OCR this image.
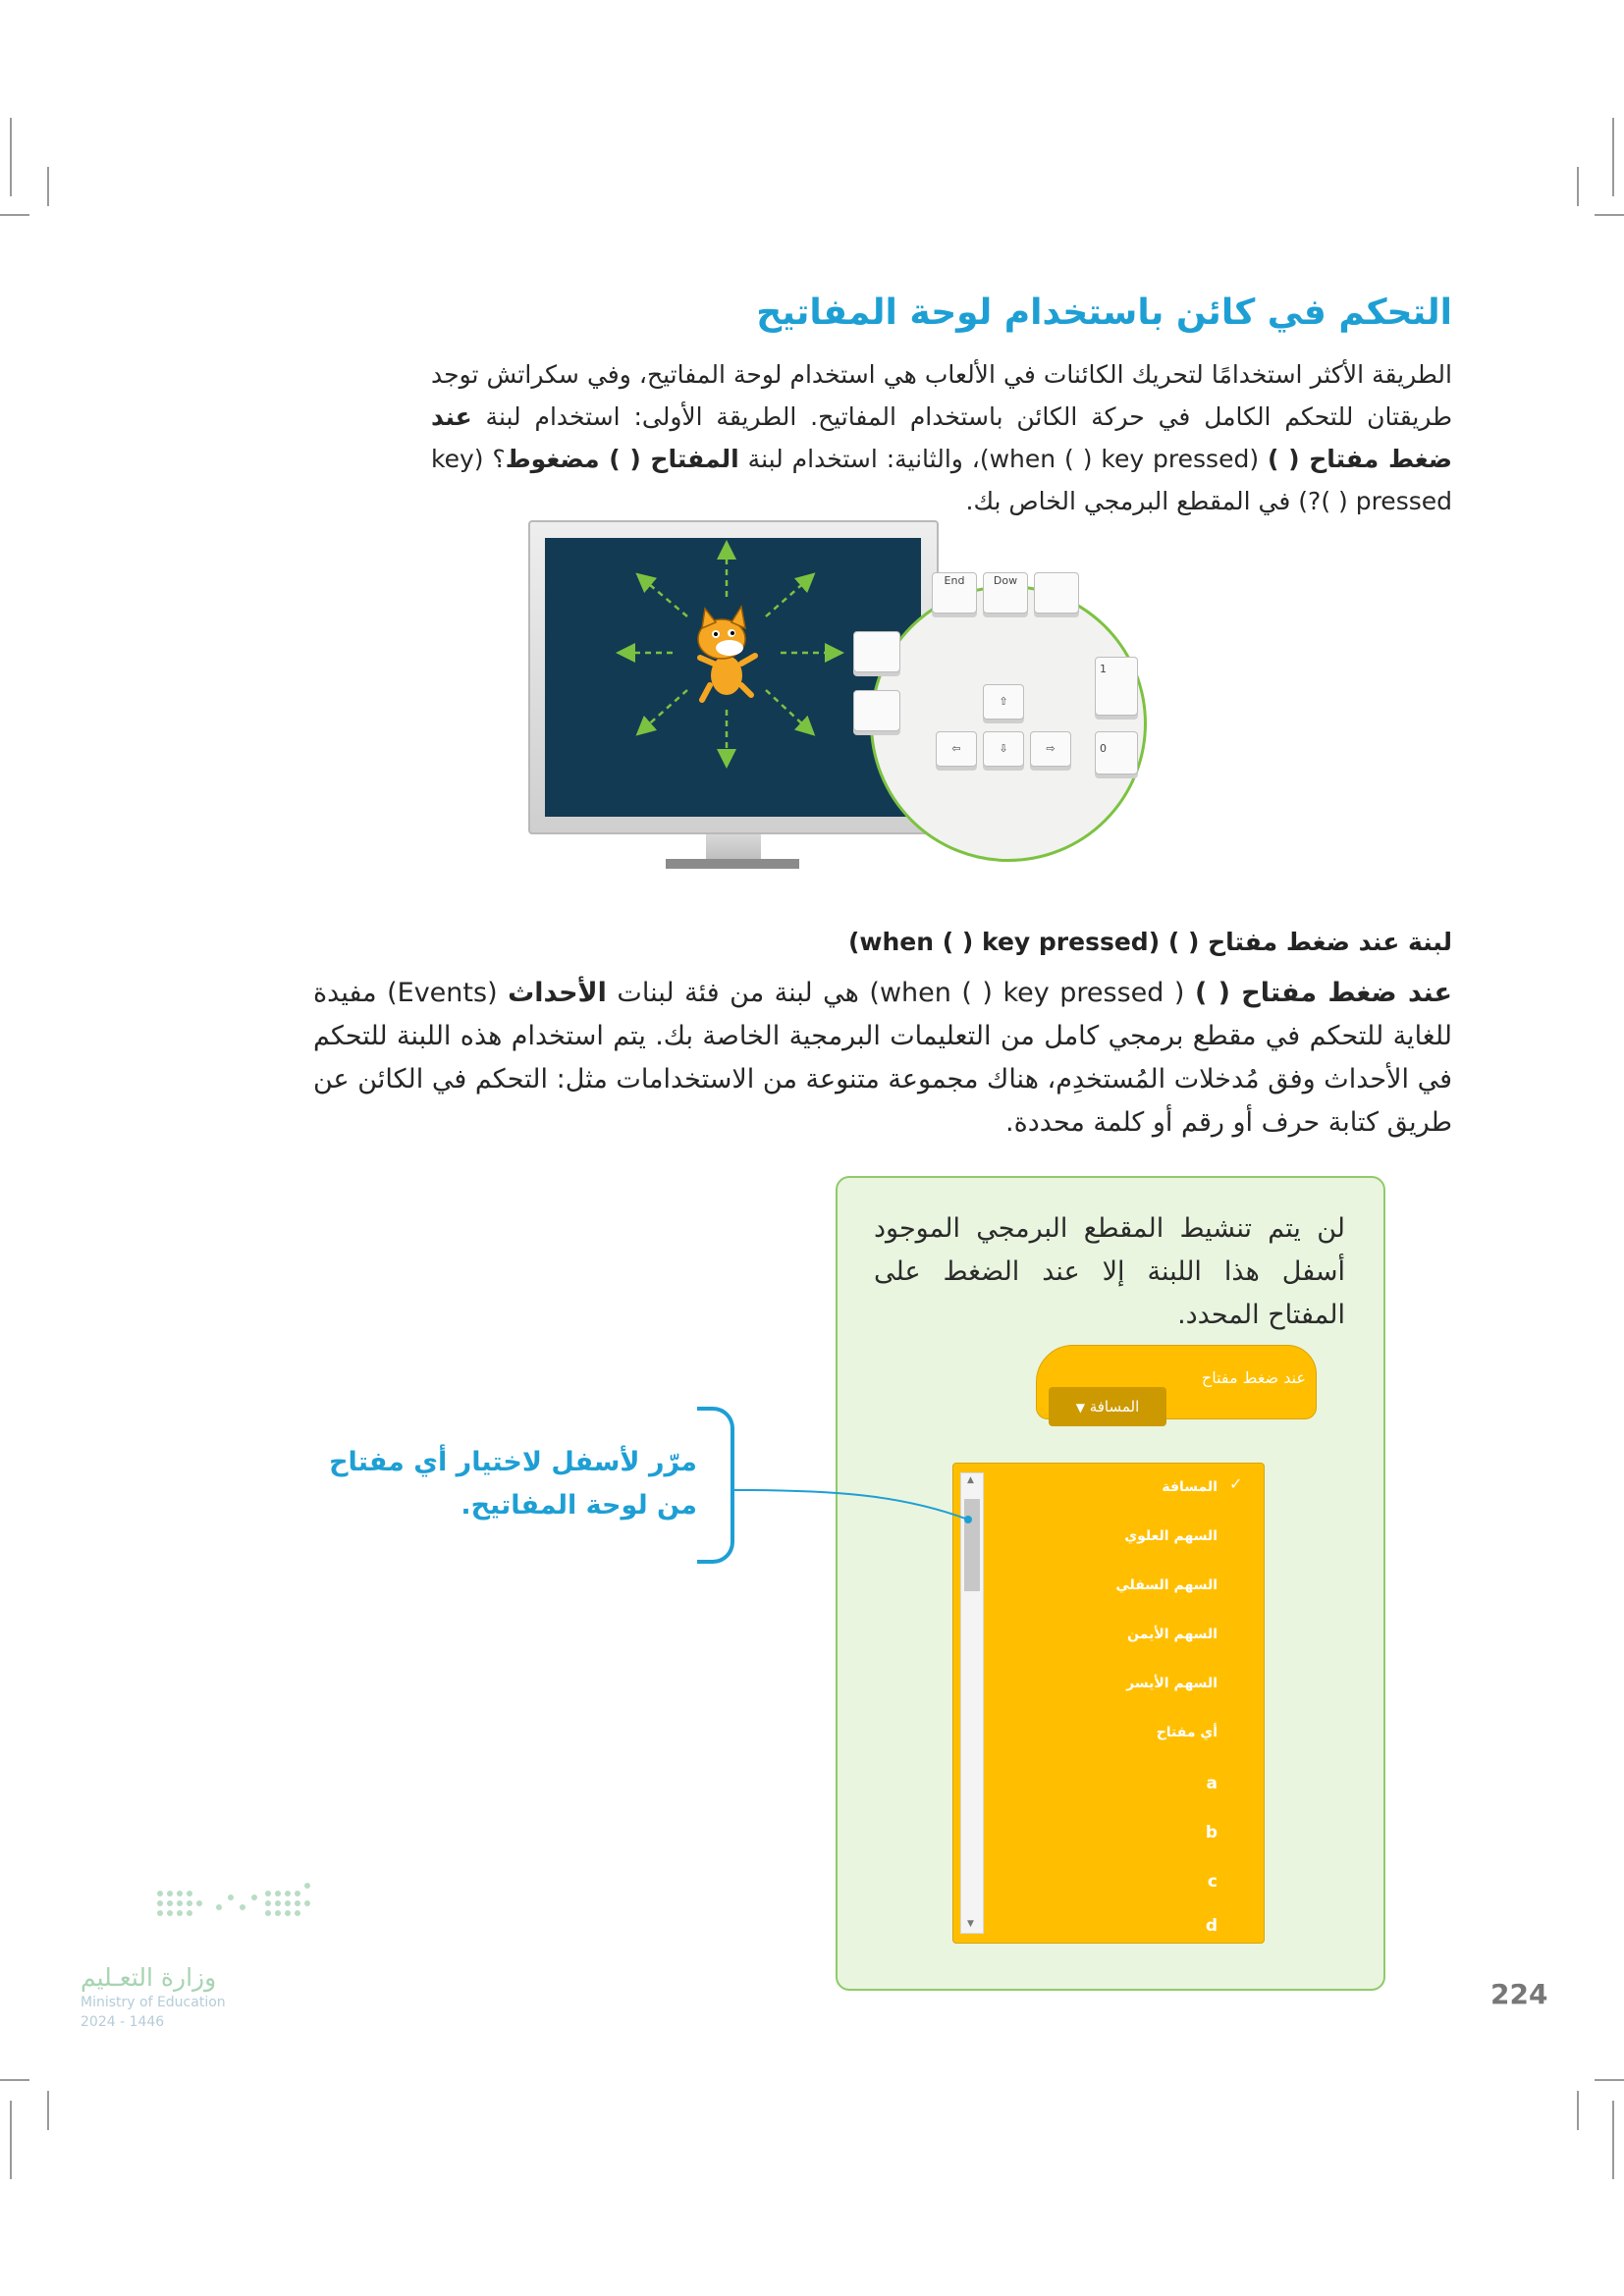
التحكم في كائن باستخدام لوحة المفاتيح
الطريقة الأكثر استخدامًا لتحريك الكائنات في الألعاب هي استخدام لوحة المفاتيح، وفي سكراتش توجد طريقتان للتحكم الكامل في حركة الكائن باستخدام المفاتيح. الطريقة الأولى: استخدام لبنة عند ضغط مفتاح ( ) (when ( ) key pressed)، والثانية: استخدام لبنة المفتاح ( ) مضغوط؟ (key ( ) pressed?) في المقطع البرمجي الخاص بك.
End	Dow
⇧
⇦	⇩	⇨
1
0
لبنة عند ضغط مفتاح ( ) (when ( ) key pressed)
عند ضغط مفتاح ( ) ( when ( ) key pressed) هي لبنة من فئة لبنات الأحداث (Events) مفيدة للغاية للتحكم في مقطع برمجي كامل من التعليمات البرمجية الخاصة بك. يتم استخدام هذه اللبنة للتحكم في الأحداث وفق مُدخلات المُستخدِم، هناك مجموعة متنوعة من الاستخدامات مثل: التحكم في الكائن عن طريق كتابة حرف أو رقم أو كلمة محددة.
لن يتم تنشيط المقطع البرمجي الموجود أسفل هذا اللبنة إلا عند الضغط على المفتاح المحدد.
عند ضغط مفتاح
المسافة ▼
▲
▼
✓
المسافة
السهم العلوي
السهم السفلي
السهم الأيمن
السهم الأيسر
أي مفتاح
a
b
c
d
مرّر لأسفل لاختيار أي مفتاح من لوحة المفاتيح.
وزارة التعـليم
Ministry of Education
2024 - 1446
224
